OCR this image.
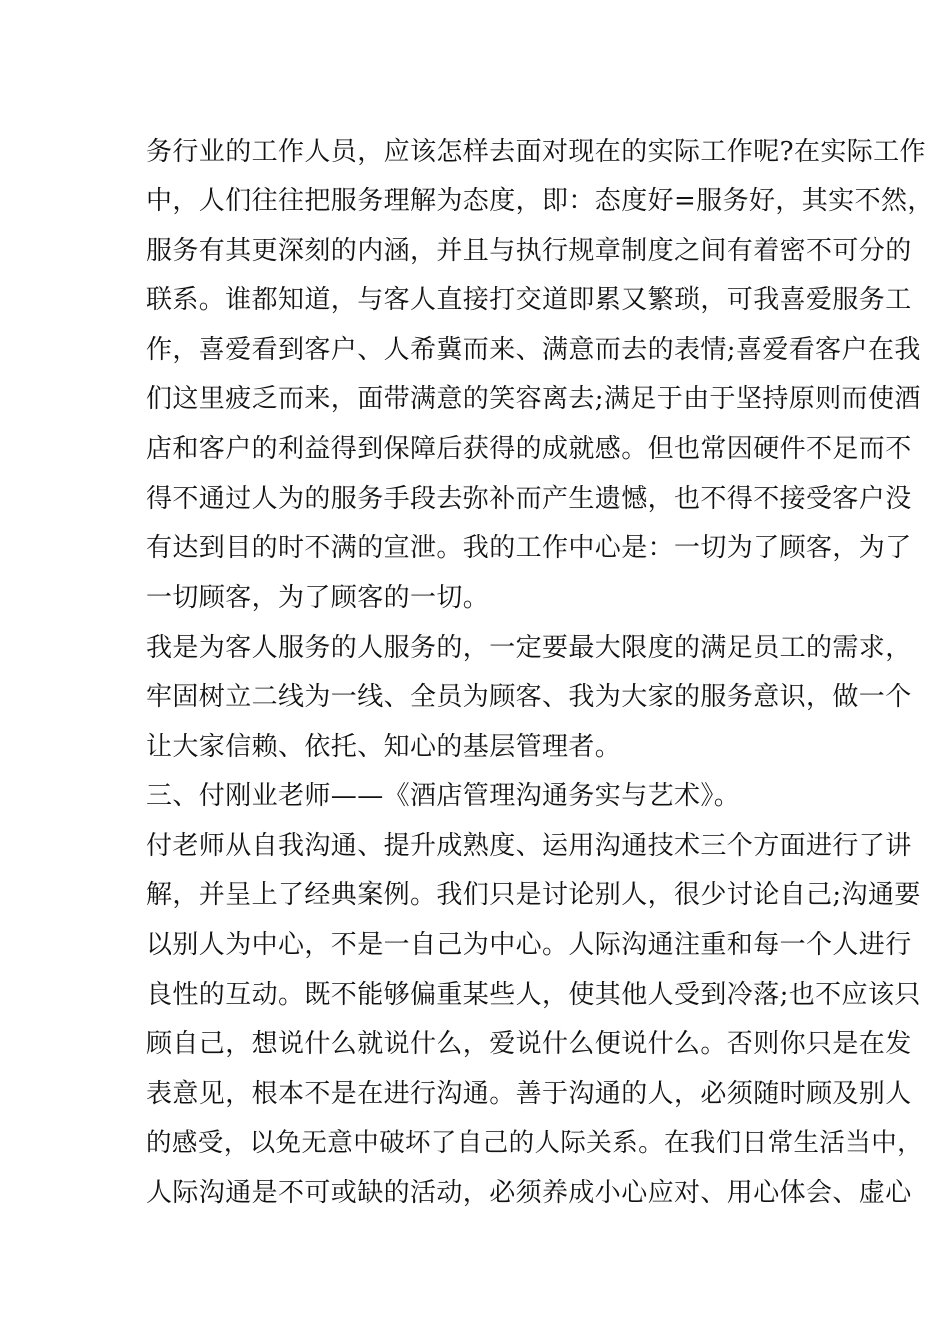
务行业的工作人员，应该怎样去面对现在的实际工作呢?在实际工作
中，人们往往把服务理解为态度，即：态度好=服务好，其实不然，
服务有其更深刻的内涵，并且与执行规章制度之间有着密不可分的
联系。谁都知道，与客人直接打交道即累又繁琐，可我喜爱服务工
作，喜爱看到客户、人希冀而来、满意而去的表情;喜爱看客户在我
们这里疲乏而来，面带满意的笑容离去;满足于由于坚持原则而使酒
店和客户的利益得到保障后获得的成就感。但也常因硬件不足而不
得不通过人为的服务手段去弥补而产生遗憾，也不得不接受客户没
有达到目的时不满的宣泄。我的工作中心是：一切为了顾客，为了
一切顾客，为了顾客的一切。
我是为客人服务的人服务的，一定要最大限度的满足员工的需求，
牢固树立二线为一线、全员为顾客、我为大家的服务意识，做一个
让大家信赖、依托、知心的基层管理者。
三、付刚业老师——《酒店管理沟通务实与艺术》。
付老师从自我沟通、提升成熟度、运用沟通技术三个方面进行了讲
解，并呈上了经典案例。我们只是讨论别人，很少讨论自己;沟通要
以别人为中心，不是一自己为中心。人际沟通注重和每一个人进行
良性的互动。既不能够偏重某些人，使其他人受到冷落;也不应该只
顾自己，想说什么就说什么，爱说什么便说什么。否则你只是在发
表意见，根本不是在进行沟通。善于沟通的人，必须随时顾及别人
的感受，以免无意中破坏了自己的人际关系。在我们日常生活当中，
人际沟通是不可或缺的活动，必须养成小心应对、用心体会、虚心
